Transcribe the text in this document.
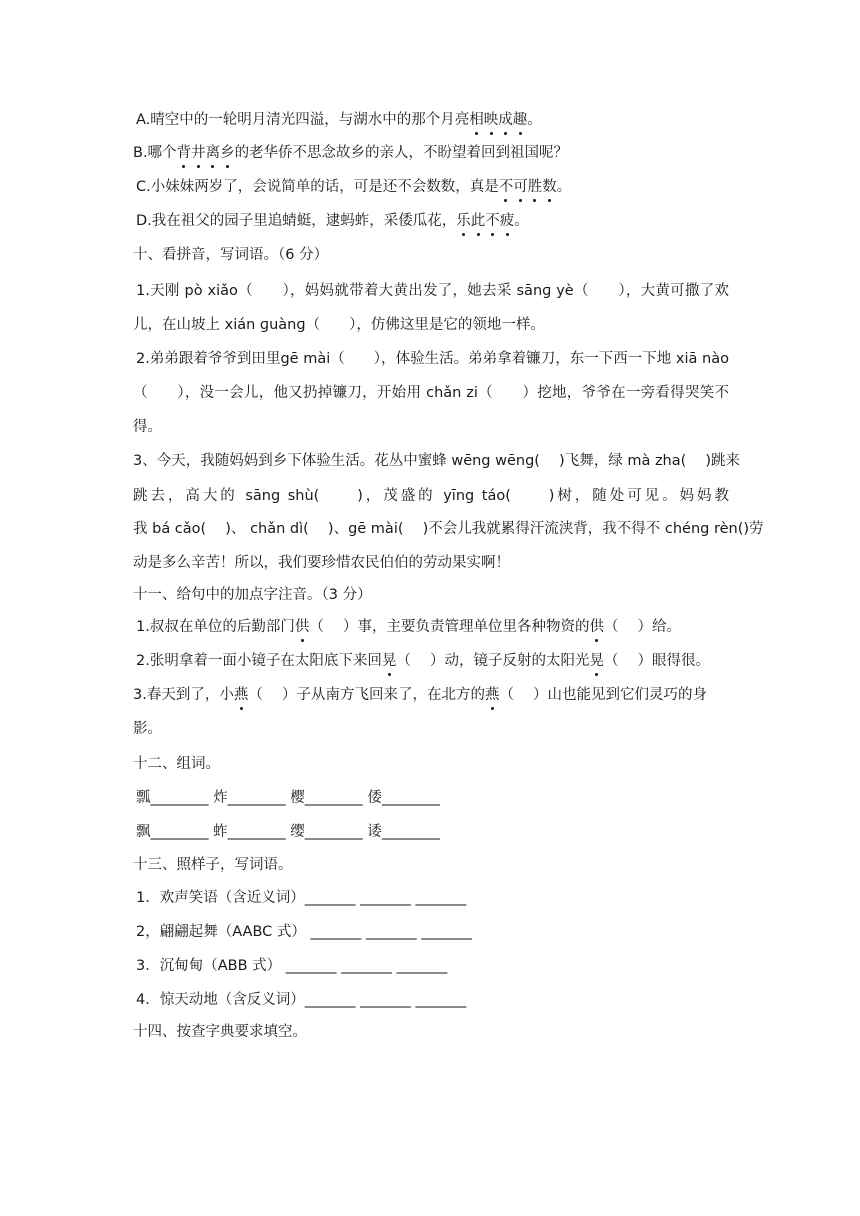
A.晴空中的一轮明月清光四溢，与湖水中的那个月亮相映成趣。
B.哪个背井离乡的老华侨不思念故乡的亲人，不盼望着回到祖国呢？
C.小妹妹两岁了，会说简单的话，可是还不会数数，真是不可胜数。
D.我在祖父的园子里追蜻蜓，逮蚂蚱，采倭瓜花，乐此不疲。
十、看拼音，写词语。（6 分）
1.天刚 pò xiǎo（　　），妈妈就带着大黄出发了，她去采 sānɡ yè（　　），大黄可撒了欢
儿，在山坡上 xián ɡuànɡ（　　），仿佛这里是它的领地一样。
2.弟弟跟着爷爷到田里gē mài（　　），体验生活。弟弟拿着镰刀，东一下西一下地 xiā nào
（　　），没一会儿，他又扔掉镰刀，开始用 chǎn zi（　　）挖地，爷爷在一旁看得哭笑不
得。
3、今天，我随妈妈到乡下体验生活。花丛中蜜蜂 wēng wēng(　 )飞舞，绿 mà zha(　 )跳来
跳去，高大的 sāng shù(　　)，茂盛的 yīng táo(　　)树，随处可见。妈妈教
我 bá cǎo(　 )、 chǎn dì(　 )、gē mài(　 )不会儿我就累得汗流浃背，我不得不 chéng rèn()劳
动是多么辛苦！所以，我们要珍惜农民伯伯的劳动果实啊！
十一、给句中的加点字注音。（3 分）
1.叔叔在单位的后勤部门供（　 ）事，主要负责管理单位里各种物资的供（　 ）给。
2.张明拿着一面小镜子在太阳底下来回晃（　 ）动，镜子反射的太阳光晃（　 ）眼得很。
3.春天到了，小燕（　 ）子从南方飞回来了，在北方的燕（　 ）山也能见到它们灵巧的身
影。
十二、组词。
瓢________ 炸________ 樱________ 倭________
飘________ 蚱________ 缨________ 诿________
十三、照样子，写词语。
1．欢声笑语（含近义词）_______ _______ _______
2，翩翩起舞（AABC 式） _______ _______ _______
3．沉甸甸（ABB 式） _______ _______ _______
4．惊天动地（含反义词）_______ _______ _______
十四、按查字典要求填空。
